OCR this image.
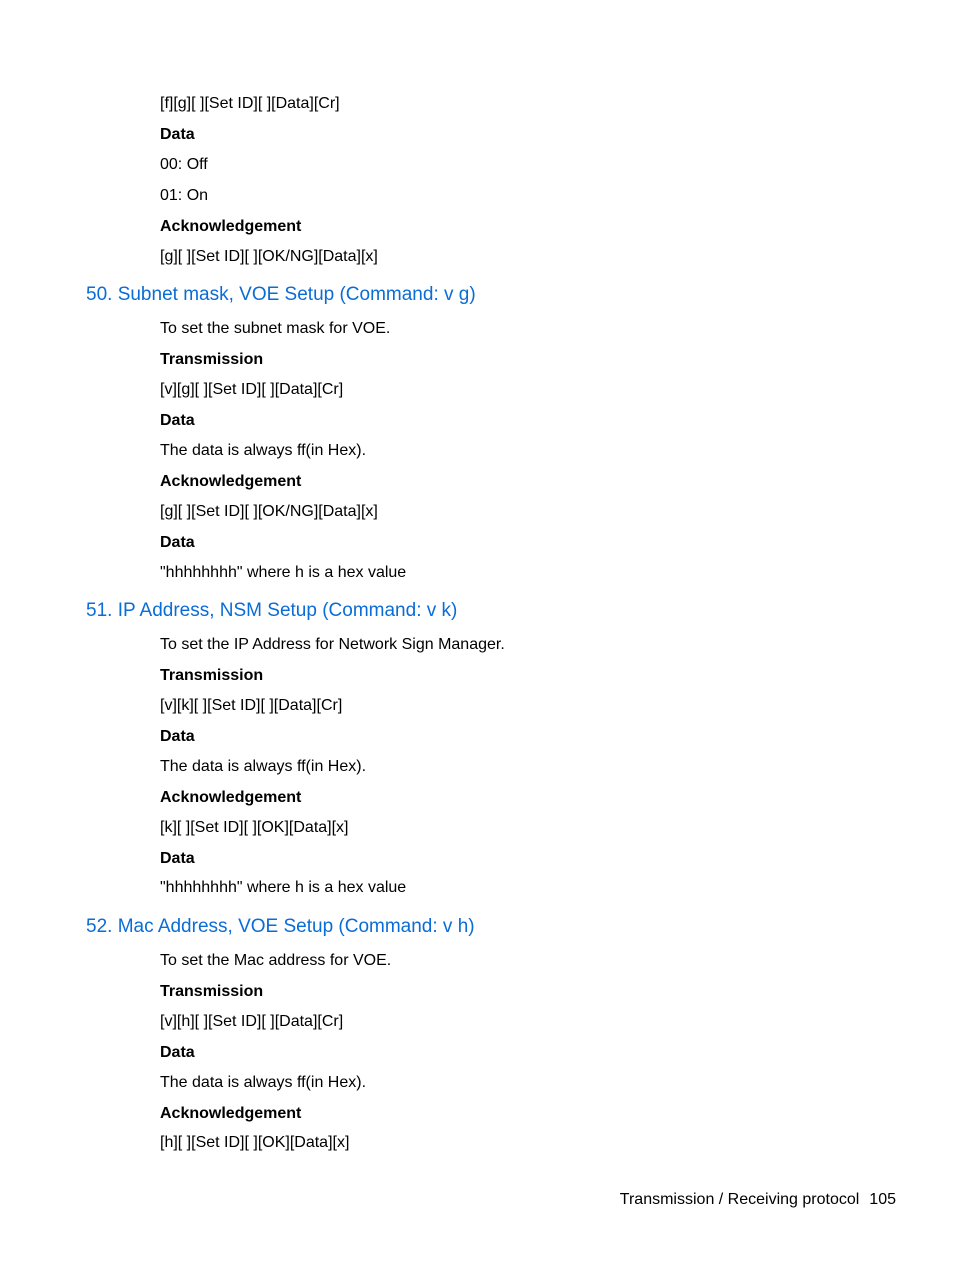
[f][g][ ][Set ID][ ][Data][Cr]
Data
00: Off
01: On
Acknowledgement
[g][ ][Set ID][ ][OK/NG][Data][x]
50. Subnet mask, VOE Setup (Command: v g)
To set the subnet mask for VOE.
Transmission
[v][g][ ][Set ID][ ][Data][Cr]
Data
The data is always ff(in Hex).
Acknowledgement
[g][ ][Set ID][ ][OK/NG][Data][x]
Data
"hhhhhhhh" where h is a hex value
51. IP Address, NSM Setup (Command: v k)
To set the IP Address for Network Sign Manager.
Transmission
[v][k][ ][Set ID][ ][Data][Cr]
Data
The data is always ff(in Hex).
Acknowledgement
[k][ ][Set ID][ ][OK][Data][x]
Data
"hhhhhhhh" where h is a hex value
52. Mac Address, VOE Setup (Command: v h)
To set the Mac address for VOE.
Transmission
[v][h][ ][Set ID][ ][Data][Cr]
Data
The data is always ff(in Hex).
Acknowledgement
[h][ ][Set ID][ ][OK][Data][x]
Transmission / Receiving protocol 105
